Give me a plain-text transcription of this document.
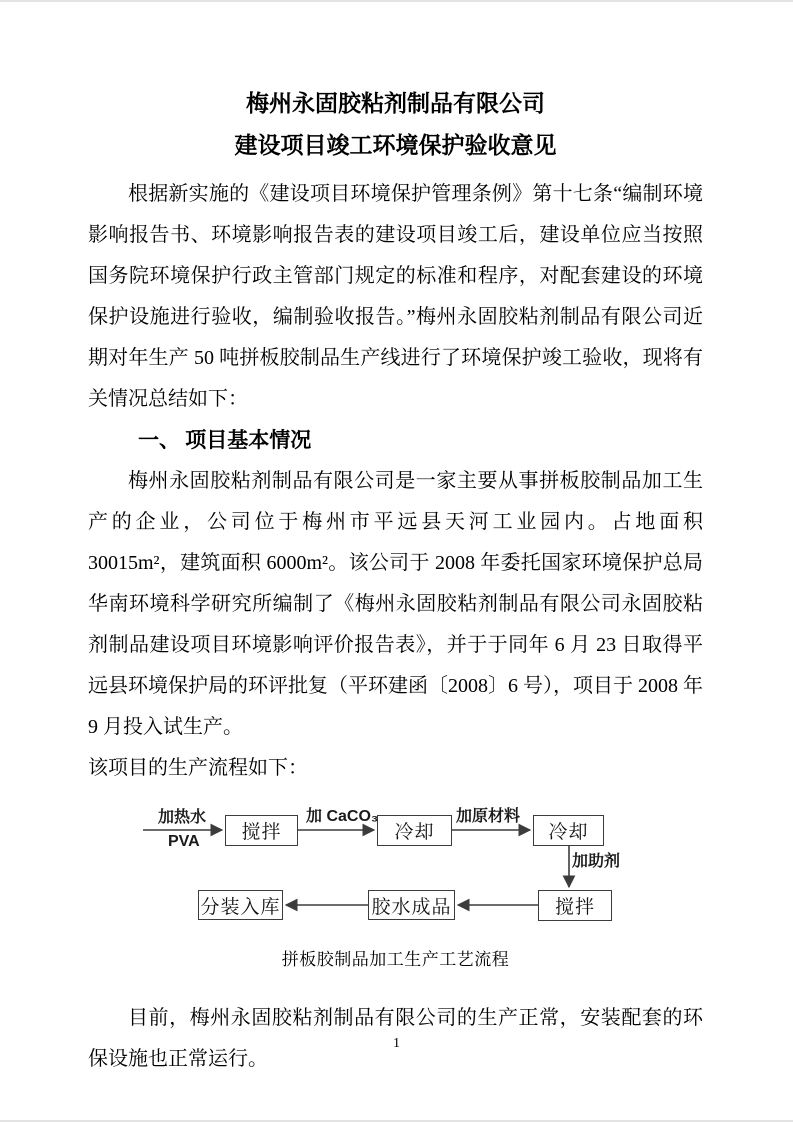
梅州永固胶粘剂制品有限公司
建设项目竣工环境保护验收意见

根据新实施的《建设项目环境保护管理条例》第十七条“编制环境影响报告书、环境影响报告表的建设项目竣工后，建设单位应当按照国务院环境保护行政主管部门规定的标准和程序，对配套建设的环境保护设施进行验收，编制验收报告。”梅州永固胶粘剂制品有限公司近期对年生产 50 吨拼板胶制品生产线进行了环境保护竣工验收，现将有关情况总结如下：

一、 项目基本情况

梅州永固胶粘剂制品有限公司是一家主要从事拼板胶制品加工生产的企业，公司位于梅州市平远县天河工业园内。占地面积 30015m²，建筑面积 6000m²。该公司于 2008 年委托国家环境保护总局华南环境科学研究所编制了《梅州永固胶粘剂制品有限公司永固胶粘剂制品建设项目环境影响评价报告表》，并于于同年 6 月 23 日取得平远县环境保护局的环评批复（平环建函〔2008〕6 号），项目于 2008 年 9 月投入试生产。

该项目的生产流程如下：

搅拌	冷却	冷却
分装入库	胶水成品	搅拌
加热水
PVA
加 CaCO₃	加原材料
加助剂
拼板胶制品加工生产工艺流程

目前，梅州永固胶粘剂制品有限公司的生产正常，安装配套的环保设施也正常运行。

1
